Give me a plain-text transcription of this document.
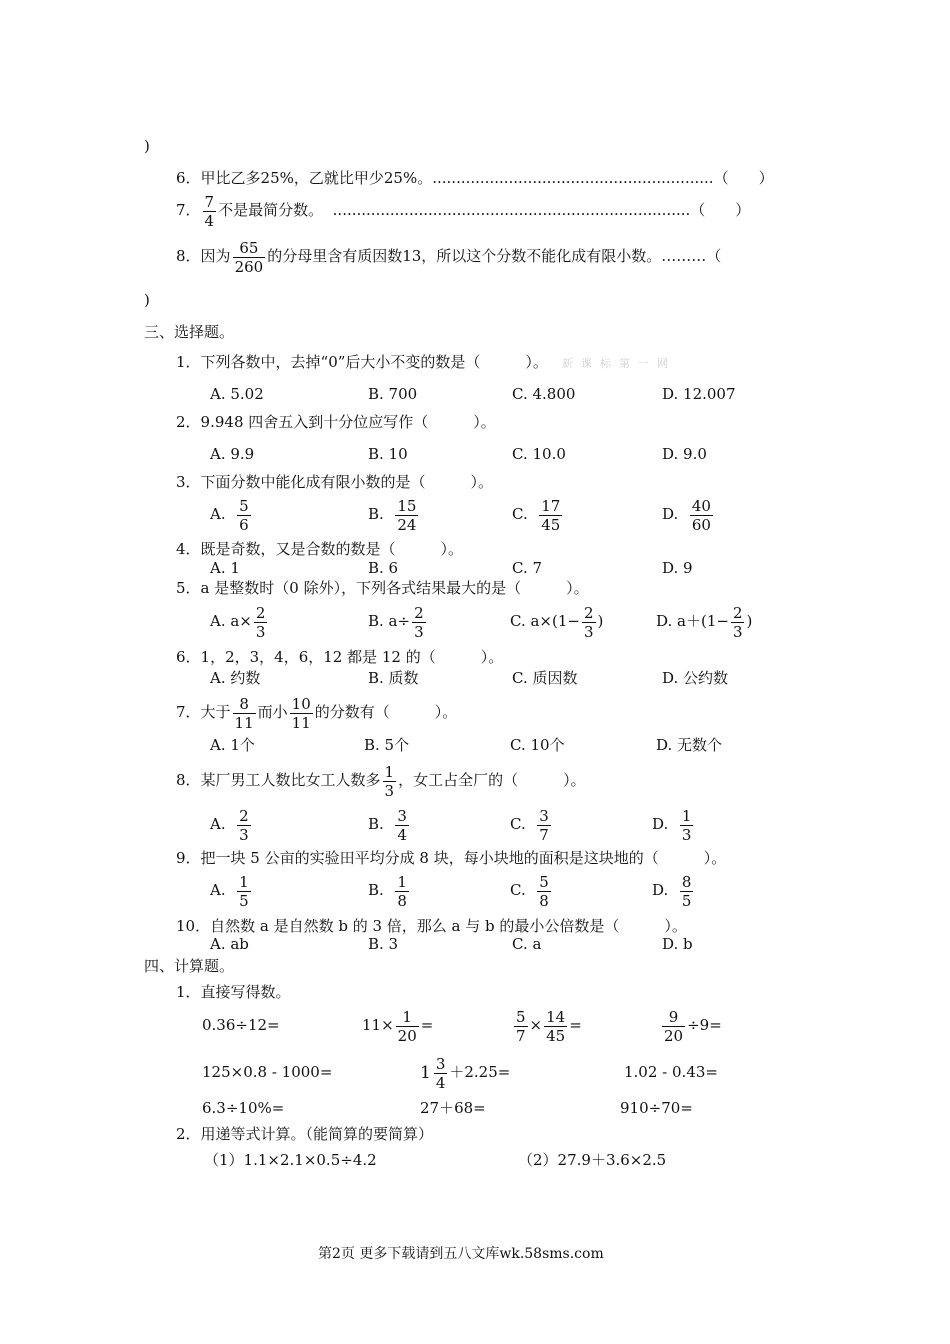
)
6．甲比乙多25%，乙就比甲少25%。...........................................................（　　）
7． $\frac{7}{4}$ 不是最简分数。 ...........................................................................（　　）
8．因为 $\frac{65}{260}$ 的分母里含有质因数13，所以这个分数不能化成有限小数。………（
)
三、选择题。
1．下列各数中，去掉“0”后大小不变的数是（　　　）。 新课标第一网
A. 5.02	B. 700	C. 4.800	D. 12.007
2．9.948 四舍五入到十分位应写作（　　　）。
A. 9.9	B. 10	C. 10.0	D. 9.0
3．下面分数中能化成有限小数的是（　　　）。
A. $\frac{5}{6}$	B. $\frac{15}{24}$	C. $\frac{17}{45}$	D. $\frac{40}{60}$
4．既是奇数，又是合数的数是（　　　）。
A. 1	B. 6	C. 7	D. 9
5．a 是整数时（0 除外），下列各式结果最大的是（　　　）。
A. $a\times \frac{2}{3}$	B. $a\div \frac{2}{3}$	C. $a\times(1- \frac{2}{3}$ )	D. $a+(1- \frac{2}{3}$ )
6．1，2，3，4，6，12 都是 12 的（　　　）。
A. 约数	B. 质数	C. 质因数	D. 公约数
7．大于 $\frac{8}{11}$ 而小 $\frac{10}{11}$ 的分数有（　　　）。
A. 1个	B. 5个	C. 10个	D. 无数个
8．某厂男工人数比女工人数多 $\frac{1}{3}$ ，女工占全厂的（　　　）。
A. $\frac{2}{3}$	B. $\frac{3}{4}$	C. $\frac{3}{7}$	D. $\frac{1}{3}$
9．把一块 5 公亩的实验田平均分成 8 块，每小块地的面积是这块地的（　　　）。
A. $\frac{1}{5}$	B. $\frac{1}{8}$	C. $\frac{5}{8}$	D. $\frac{8}{5}$
10．自然数 a 是自然数 b 的 3 倍，那么 a 与 b 的最小公倍数是（　　　）。
A. ab	B. 3	C. a	D. b
四、计算题。
1．直接写得数。
0.36÷12=	$11\times \frac{1}{20}$ =	$\frac{5}{7} \times \frac{14}{45}$ =	$\frac{9}{20} \div 9=$
125×0.8 - 1000=	$1 \frac{3}{4} +2.25=$	1.02 - 0.43=
6.3÷10%=	27＋68=	910÷70=
2．用递等式计算。（能简算的要简算）
（1）1.1×2.1×0.5÷4.2	（2）27.9＋3.6×2.5
第2页 更多下载请到五八文库wk.58sms.com
